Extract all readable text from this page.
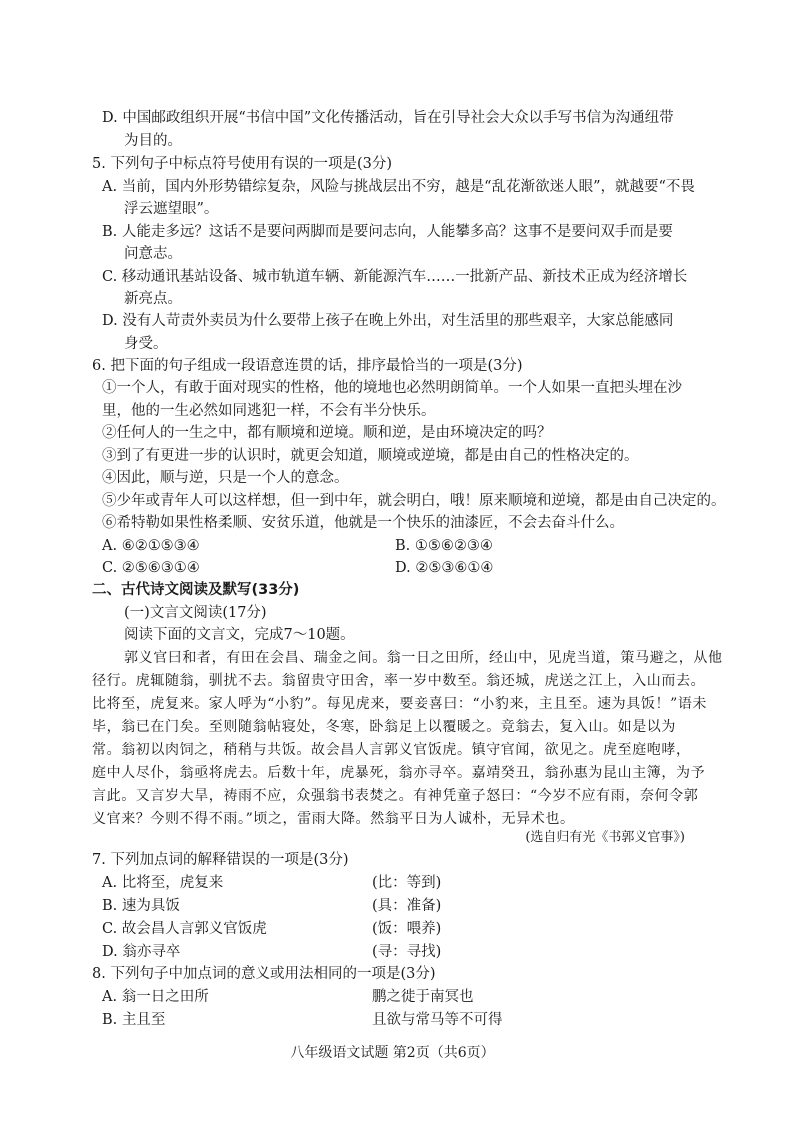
D. 中国邮政组织开展“书信中国”文化传播活动，旨在引导社会大众以手写书信为沟通纽带
为目的。
5. 下列句子中标点符号使用有误的一项是(3分)
A. 当前，国内外形势错综复杂，风险与挑战层出不穷，越是“乱花渐欲迷人眼”，就越要“不畏
浮云遮望眼”。
B. 人能走多远？这话不是要问两脚而是要问志向，人能攀多高？这事不是要问双手而是要
问意志。
C. 移动通讯基站设备、城市轨道车辆、新能源汽车……一批新产品、新技术正成为经济增长
新亮点。
D. 没有人苛责外卖员为什么要带上孩子在晚上外出，对生活里的那些艰辛，大家总能感同
身受。
6. 把下面的句子组成一段语意连贯的话，排序最恰当的一项是(3分)
①一个人，有敢于面对现实的性格，他的境地也必然明朗简单。一个人如果一直把头埋在沙
里，他的一生必然如同逃犯一样，不会有半分快乐。
②任何人的一生之中，都有顺境和逆境。顺和逆，是由环境决定的吗？
③到了有更进一步的认识时，就更会知道，顺境或逆境，都是由自己的性格决定的。
④因此，顺与逆，只是一个人的意念。
⑤少年或青年人可以这样想，但一到中年，就会明白，哦！原来顺境和逆境，都是由自己决定的。
⑥希特勒如果性格柔顺、安贫乐道，他就是一个快乐的油漆匠，不会去奋斗什么。
A. ⑥②①⑤③④	B. ①⑤⑥②③④
C. ②⑤⑥③①④	D. ②⑤③⑥①④
二、古代诗文阅读及默写(33分)
(一)文言文阅读(17分)
阅读下面的文言文，完成7～10题。
郭义官曰和者，有田在会昌、瑞金之间。翁一日之田所，经山中，见虎当道，策马避之，从他
径行。虎辄随翁，驯扰不去。翁留贵守田舍，率一岁中数至。翁还城，虎送之江上，入山而去。
比将至，虎复来。家人呼为“小豹”。每见虎来，要妾喜曰：“小豹来，主且至。速为具饭！”语未
毕，翁已在门矣。至则随翁帖寝处，冬寒，卧翁足上以覆暖之。竞翁去，复入山。如是以为
常。翁初以肉饲之，稍稍与共饭。故会昌人言郭义官饭虎。镇守官闻，欲见之。虎至庭咆哮，
庭中人尽仆，翁亟将虎去。后数十年，虎暴死，翁亦寻卒。嘉靖癸丑，翁孙惠为昆山主簿，为予
言此。又言岁大旱，祷雨不应，众强翁书表焚之。有神凭童子怒曰：“今岁不应有雨，奈何令郭
义官来？今则不得不雨。”顷之，雷雨大降。然翁平日为人诚朴，无异术也。
(选自归有光《书郭义官事》)
7. 下列加点词的解释错误的一项是(3分)
A. 比将至，虎复来	(比：等到)
B. 速为具饭	(具：准备)
C. 故会昌人言郭义官饭虎	(饭：喂养)
D. 翁亦寻卒	(寻：寻找)
8. 下列句子中加点词的意义或用法相同的一项是(3分)
A. 翁一日之田所	鹏之徙于南冥也
B. 主且至	且欲与常马等不可得
八年级语文试题 第2页（共6页）
